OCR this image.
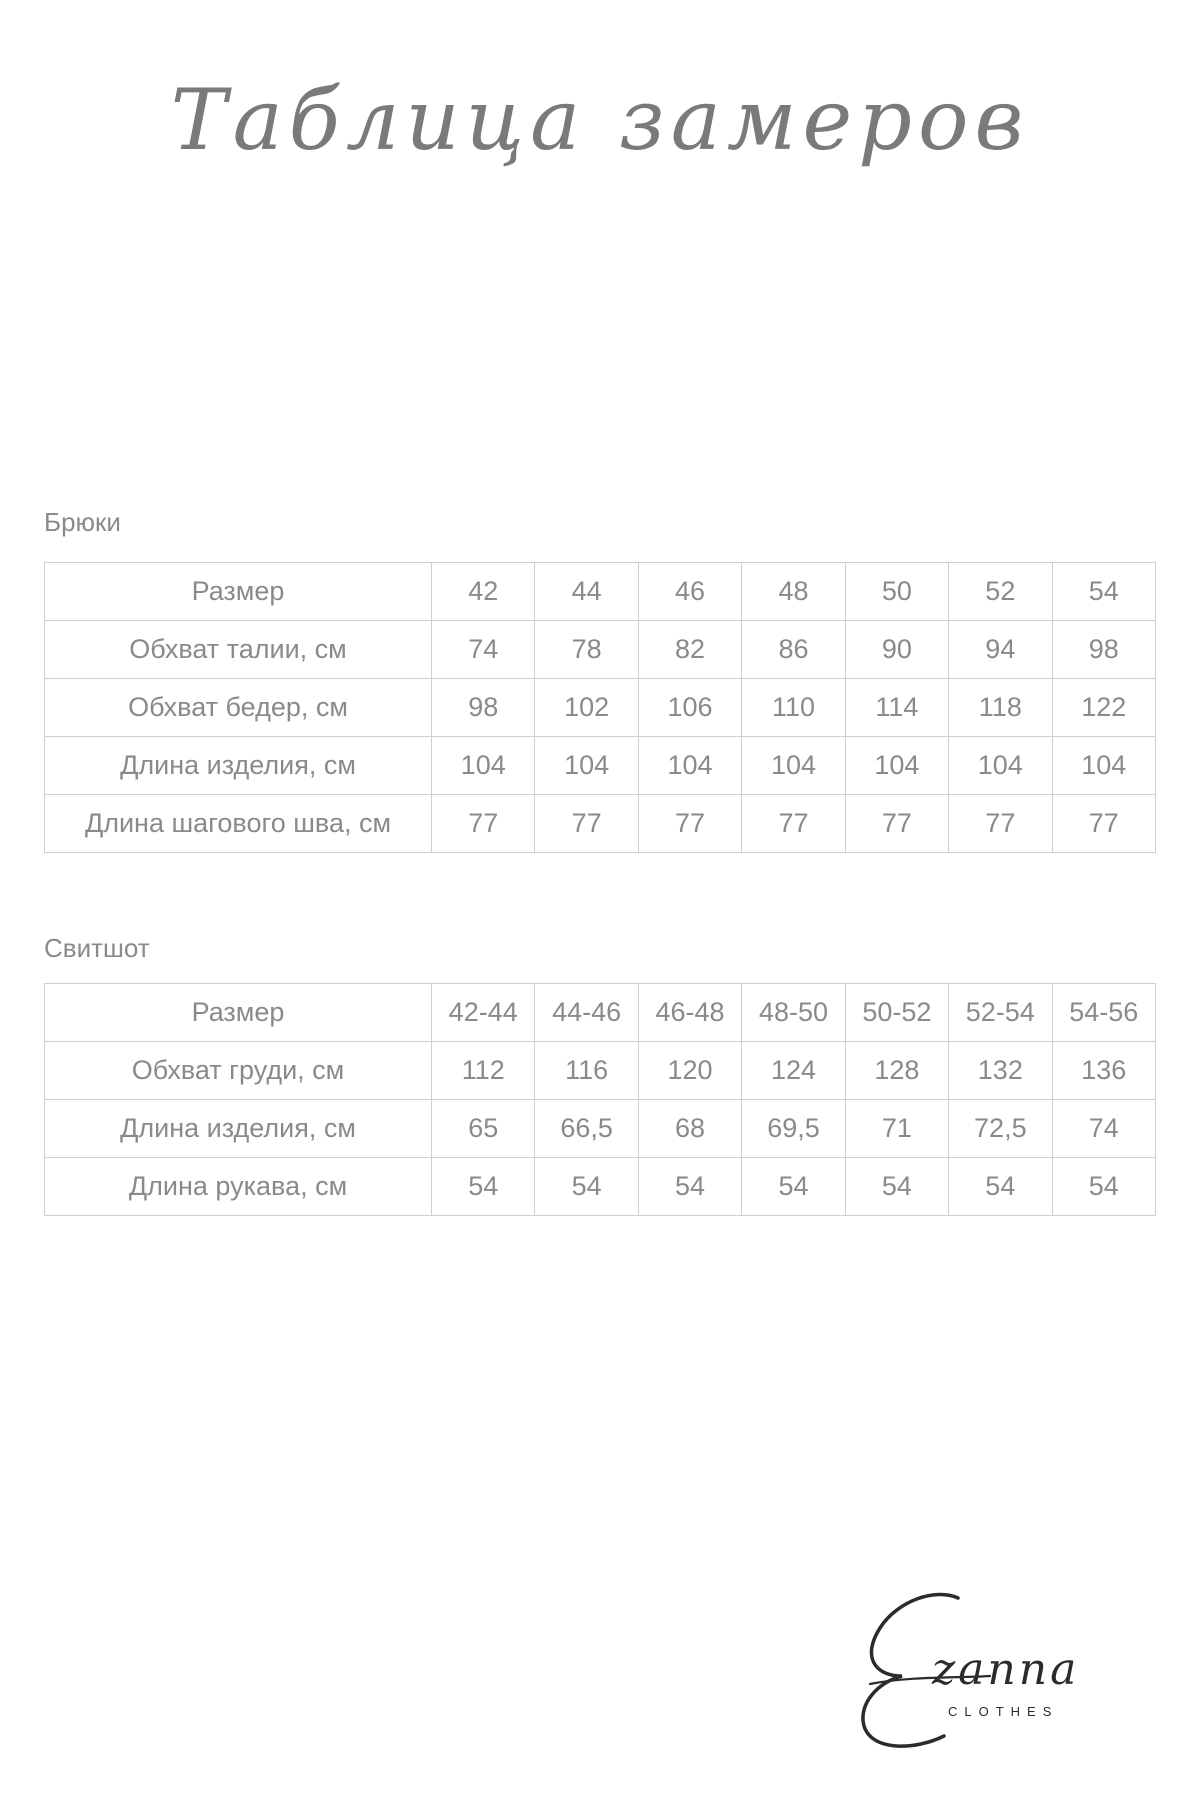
Таблица замеров
Брюки
Размер	42	44	46	48	50	52	54
Обхват талии, см	74	78	82	86	90	94	98
Обхват бедер, см	98	102	106	110	114	118	122
Длина изделия, см	104	104	104	104	104	104	104
Длина шагового шва, см	77	77	77	77	77	77	77
Свитшот
Размер	42-44	44-46	46-48	48-50	50-52	52-54	54-56
Обхват груди, см	112	116	120	124	128	132	136
Длина изделия, см	65	66,5	68	69,5	71	72,5	74
Длина рукава, см	54	54	54	54	54	54	54
zanna
CLOTHES
